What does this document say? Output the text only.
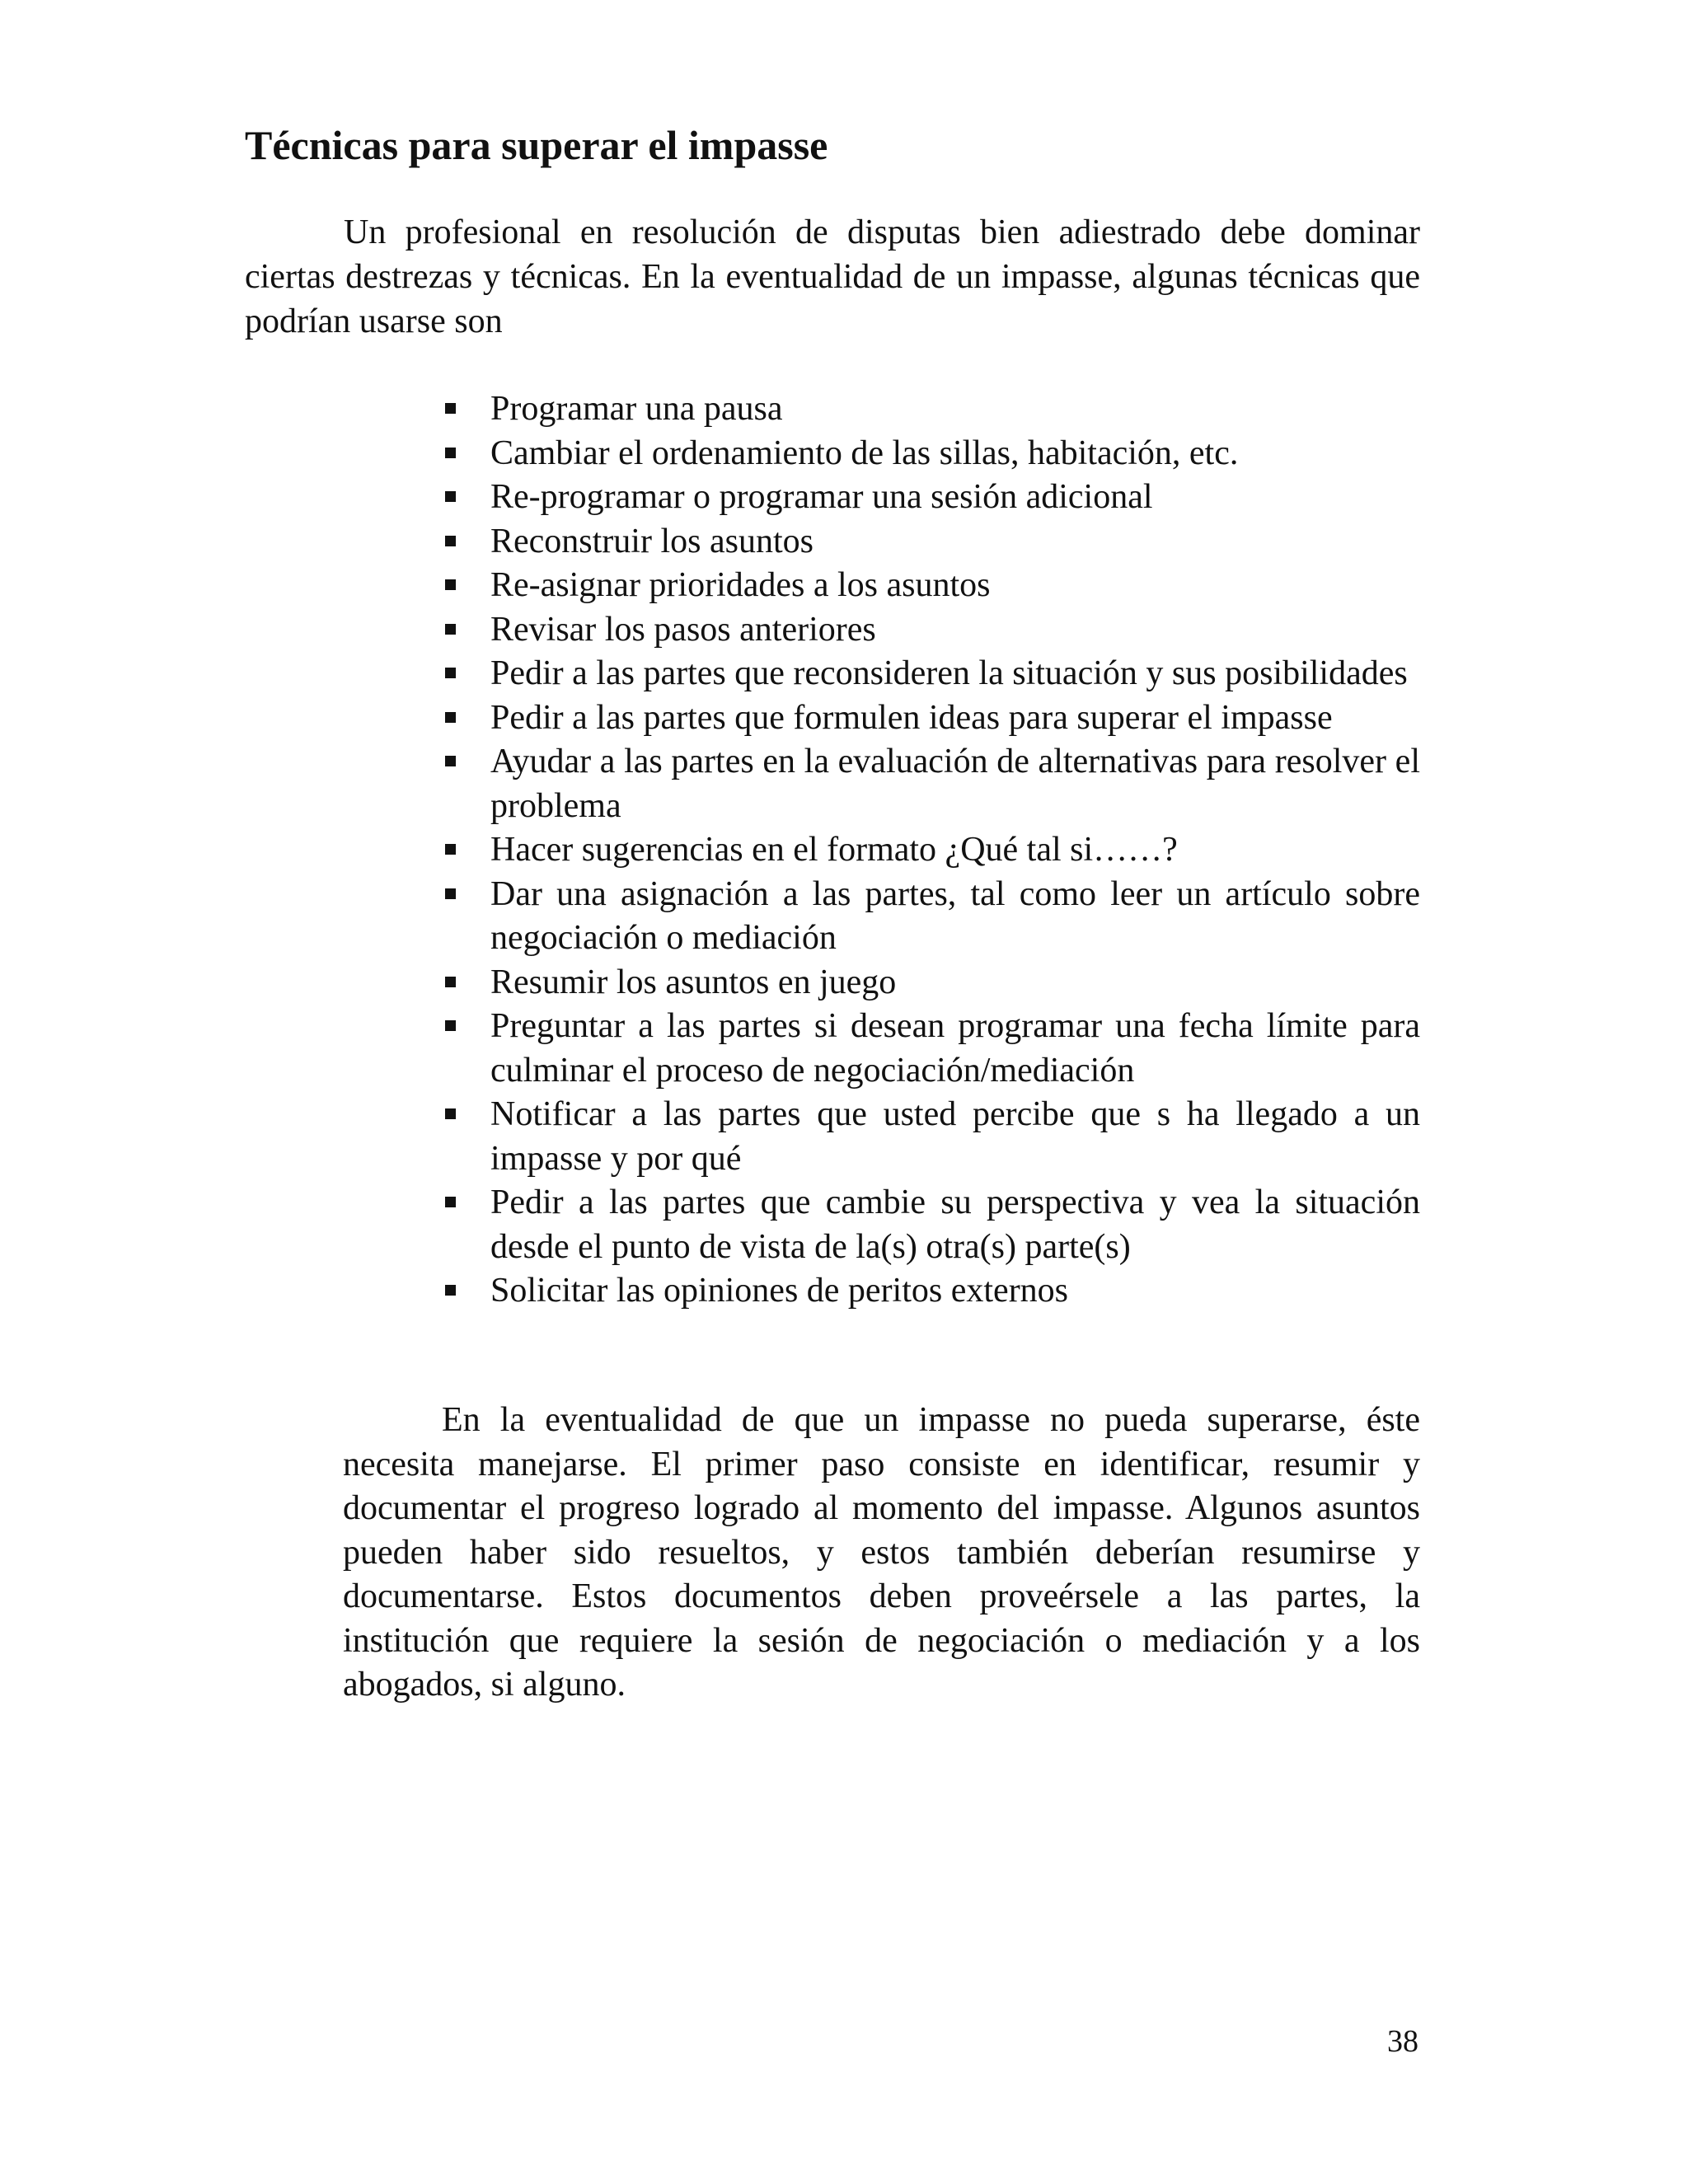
Técnicas para superar el impasse

Un profesional en resolución de disputas bien adiestrado debe dominar ciertas destrezas y técnicas. En la eventualidad de un impasse, algunas técnicas que podrían usarse son

Programar una pausa
Cambiar el ordenamiento de las sillas, habitación, etc.
Re-programar o programar una sesión adicional
Reconstruir los asuntos
Re-asignar prioridades a los asuntos
Revisar los pasos anteriores
Pedir a las partes que reconsideren la situación y sus posibilidades
Pedir a las partes que formulen ideas para superar el impasse
Ayudar a las partes en la evaluación de alternativas para resolver el problema
Hacer sugerencias en el formato ¿Qué tal si……?
Dar una asignación a las partes, tal como leer un artículo sobre negociación o mediación
Resumir los asuntos en juego
Preguntar a las partes si desean programar una fecha límite para culminar el proceso de negociación/mediación
Notificar a las partes que usted percibe que s ha llegado a un impasse y por qué
Pedir a las partes que cambie su perspectiva y vea la situación desde el punto de vista de la(s) otra(s) parte(s)
Solicitar las opiniones de peritos externos

En la eventualidad de que un impasse no pueda superarse, éste necesita manejarse. El primer paso consiste en identificar, resumir y documentar el progreso logrado al momento del impasse. Algunos asuntos pueden haber sido resueltos, y estos también deberían resumirse y documentarse. Estos documentos deben proveérsele a las partes, la institución que requiere la sesión de negociación o mediación y a los abogados, si alguno.

38
